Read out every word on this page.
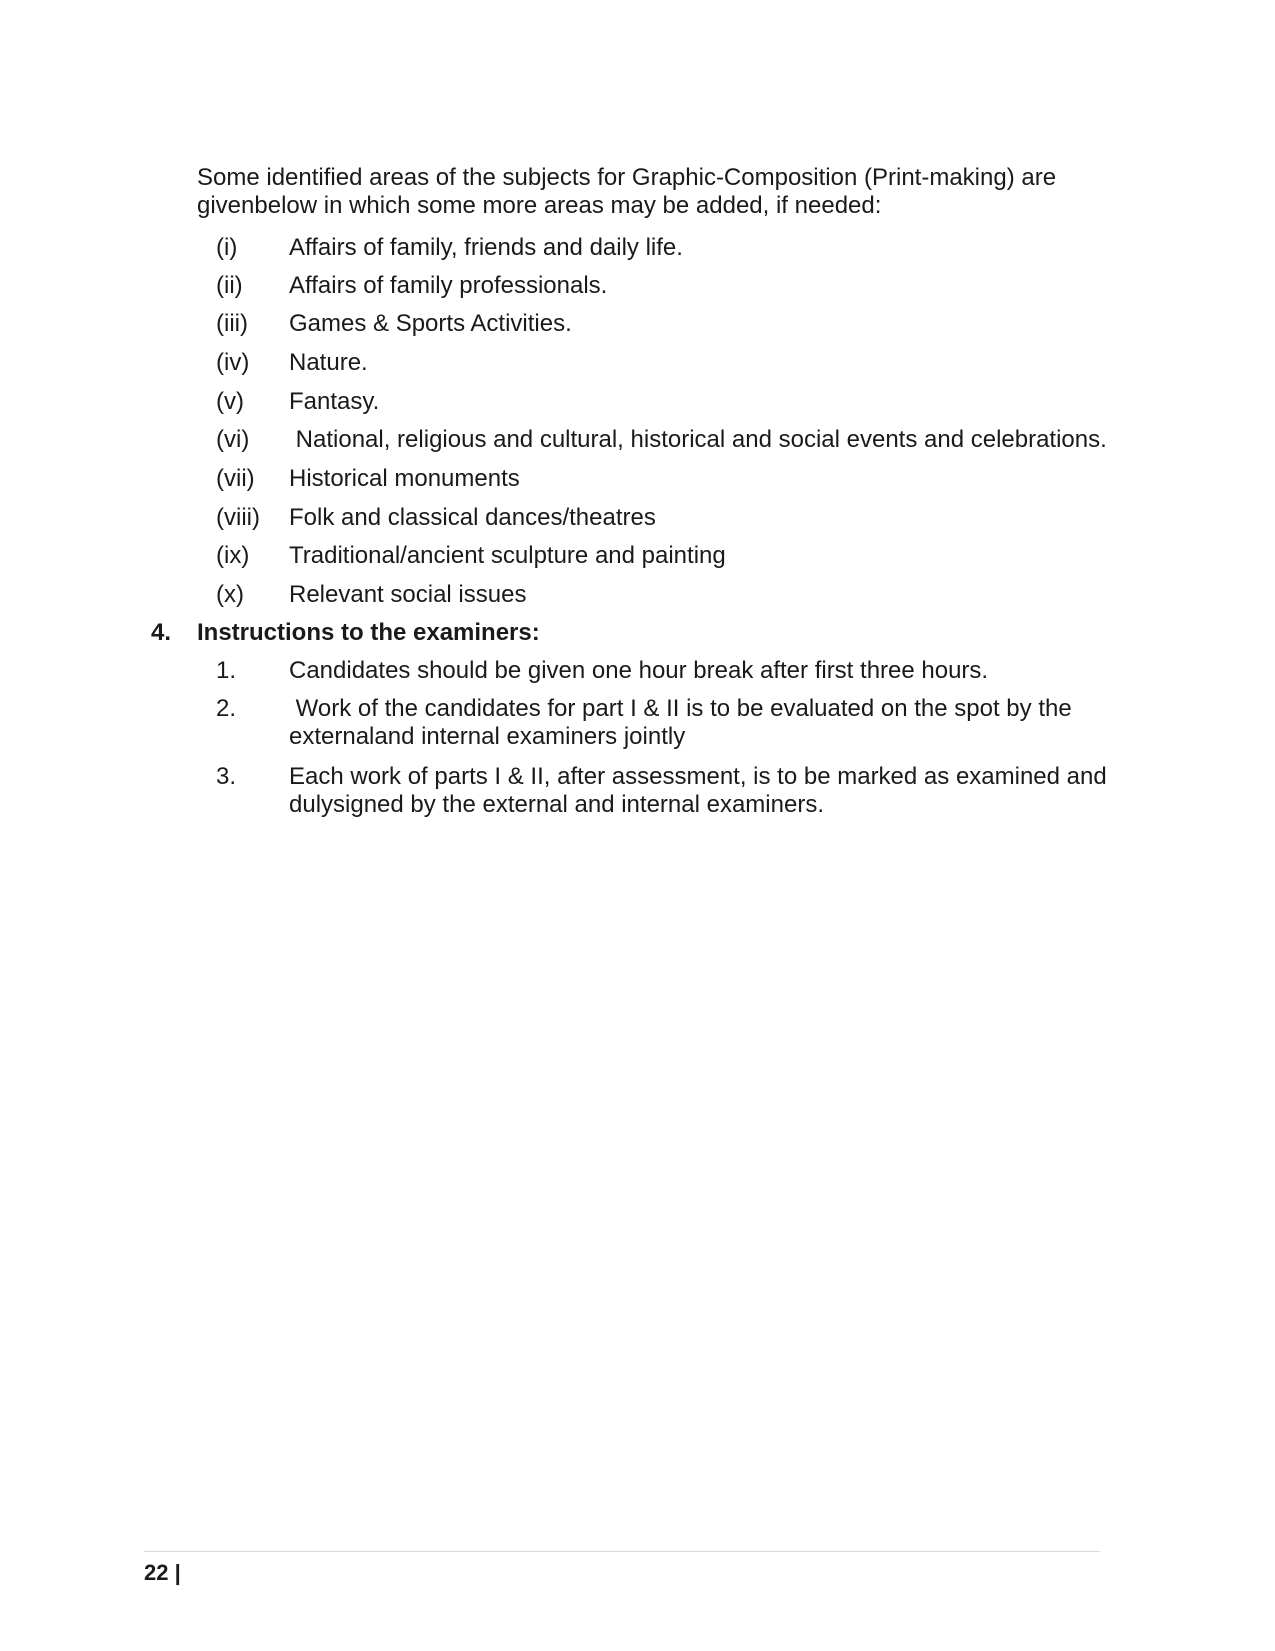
Some identified areas of the subjects for Graphic-Composition (Print-making) are givenbelow in which some more areas may be added, if needed:
(i) Affairs of family, friends and daily life.
(ii) Affairs of family professionals.
(iii) Games & Sports Activities.
(iv) Nature.
(v) Fantasy.
(vi) National, religious and cultural, historical and social events and celebrations.
(vii) Historical monuments
(viii) Folk and classical dances/theatres
(ix) Traditional/ancient sculpture and painting
(x) Relevant social issues
4. Instructions to the examiners:
1. Candidates should be given one hour break after first three hours.
2. Work of the candidates for part I & II is to be evaluated on the spot by the externaland internal examiners jointly
3. Each work of parts I & II, after assessment, is to be marked as examined and dulysigned by the external and internal examiners.
22 |
